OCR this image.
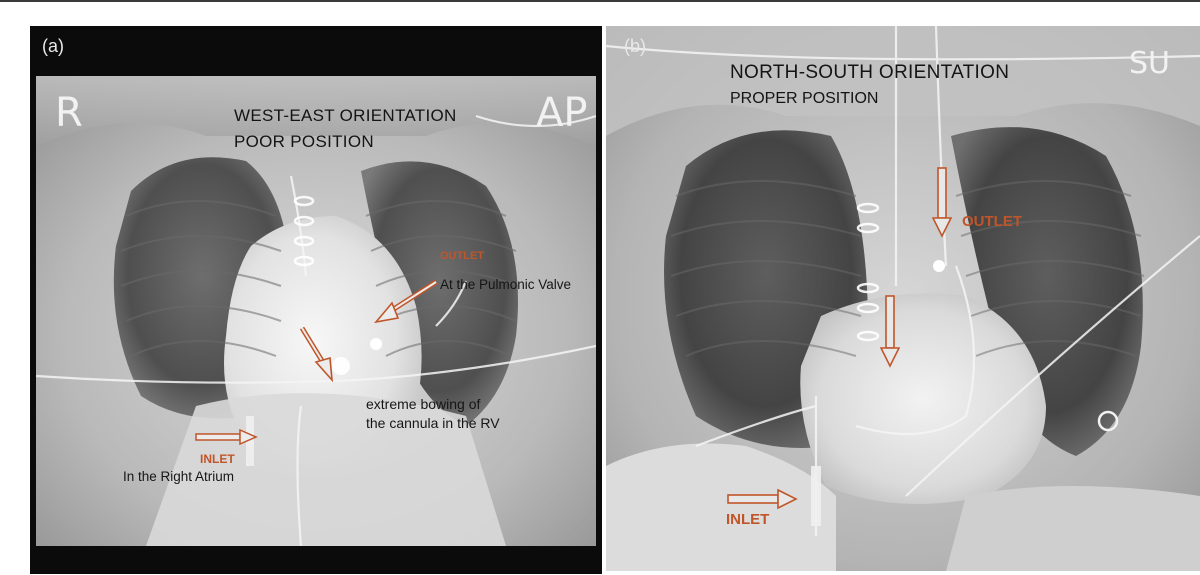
(a)
R	AP
WEST-EAST ORIENTATION
POOR POSITION
OUTLET
At the Pulmonic Valve
extreme bowing of
the cannula in the RV
INLET
In the Right Atrium
(b)	SU
NORTH-SOUTH ORIENTATION
PROPER POSITION
OUTLET
INLET
